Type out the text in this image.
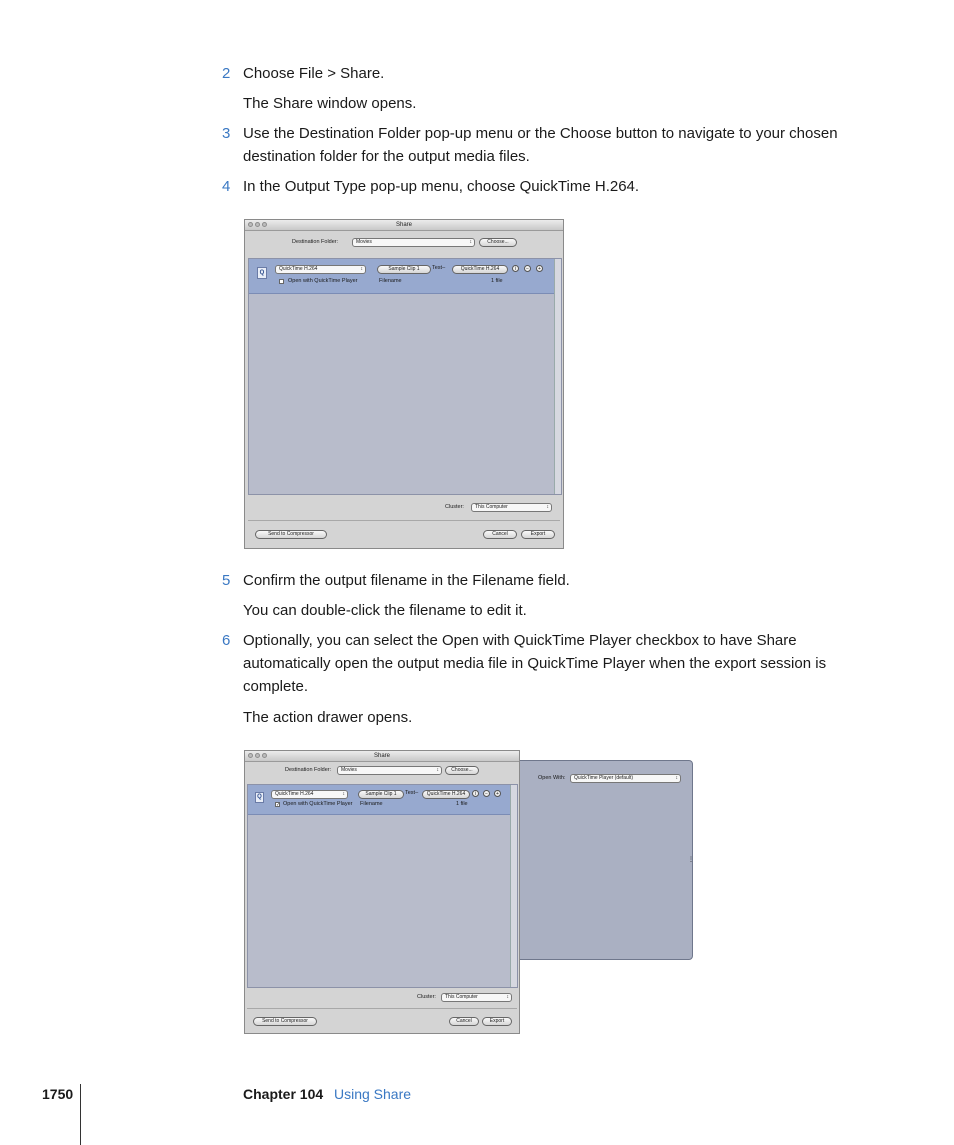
2 Choose File > Share.
The Share window opens.
3 Use the Destination Folder pop-up menu or the Choose button to navigate to your chosen destination folder for the output media files.
4 In the Output Type pop-up menu, choose QuickTime H.264.
Share
Destination Folder:	Movies	↕	Choose...
Q
QuickTime H.264	↕	Sample Clip 1	Test–	QuickTime H.264	i	−	+
Open with QuickTime Player	Filename	1 file
Cluster:	This Computer	↕
Send to Compressor	Cancel	Export
5 Confirm the output filename in the Filename field.
You can double-click the filename to edit it.
6 Optionally, you can select the Open with QuickTime Player checkbox to have Share automatically open the output media file in QuickTime Player when the export session is complete.
The action drawer opens.
Open With:	QuickTime Player (default)	↕
⋮
Share
Destination Folder:	Movies	↕	Choose...
Q	QuickTime H.264	↕	Sample Clip 1	Test–	QuickTime H.264	i	−	+
✓ Open with QuickTime Player Filename	1 file
Cluster:	This Computer	↕
Send to Compressor	Cancel	Export
1750	Chapter 104 Using Share
